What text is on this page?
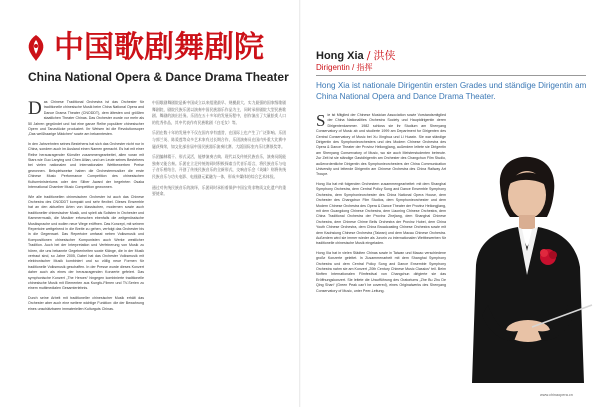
中国歌剧舞剧院
China National Opera & Dance Drama Theater

Das Chinese Traditional Orchestra ist das Orchester für traditionelle chinesische Musik beim China National Opera and Dance Drama Theater (CNODDT), dem ältesten und größten staatlichen Theater Chinas. Das Orchester wurde vor mehr als 50 Jahren gegründet und hat eine ganze Reihe populärer chinesischer Opern und Tanzstücke produziert. Ihr Weisen ist die Revolutionsoper „Das weißhaarige Mädchen“ sowie am bekanntesten.

In den Jahrzehnten seines Bestehens hat sich das Orchester nicht nur in China, sondern auch im Ausland einen Namen gemacht. Es hat mit einer Reihe herausragender Künstler zusammengearbeitet, allen voran mit Stars wie Guo Lanying und Chen Ailian, und um Leute seines Bestehens bei vielen nationalen und internationalen Wettbewerben Preise gewonnen. Beispielsweise haben die Orchestermusiker die erste Chinese Music Performance Competition des chinesischen Kulturministeriums oder den Silber Award der begehrten Osaka International Chamber Music Competition gewonnen.

Wie alle traditionellen chinesischen Orchester ist auch das Chinese Orchestra des CNODDT kompakt und sehr flexibel. Dieses Ensemble hat an den aktuellen Arten von klassischen, modernen sowie auch traditioneller chinesischer Musik, und spielt als Solisten in Orchester und Kammermusik, die Musiker erforschen ebenfalls die zeitgenössische Musiksprache und wollen neue Wege eröffnen. Das Konzept, mit seinem Repertoire weitgehend in die Breite zu gehen, verfolgt das Orchester bis in die Gegenwart. Das Repertoire umfasst neben Volksmusik und Kompositionen chinesischer Komponisten auch Werke westlicher Tradition. Auch bei der Interpretation und Verfeinerung von Musik zu hören, die uns bekannte Gegebenheiten sowie Klänge, die in der Musik vertraut sind, so Jahre 2005, Dabei hat das Orchester Volksmusik mit elektronischer Musik kombiniert und so völlig neue Formen für traditionelle Volksmusik geschaffen. In der Presse wurde dieses Konzert daher auch als eines der herausragenden Konzerte gefeiert. Das symphonische Konzert „The Heroes“ hingegen kombinierte traditionelle chinesische Musik mit Elementen aus Kungfu-Filmen und TV-Serien zu einem multimedialen Gesamterlebnis.

Durch seine Arbeit mit traditioneller chinesischer Musik erhält das Orchester aber auch eine weitere wichtige Funktion: die der Bewahrung eines unschätzbaren immateriellen Kulturguts Chinas.

中国歌剧舞剧院是新中国成立以来组建最早、规模最大、实力最强的国家级歌剧舞剧院，剧院民族乐团以演奏中国民族器乐作品为主，同时承担剧院大型民族歌剧、舞剧的演出任务。乐团在五十多年的发展历程中，创作演出了大量脍炙人口的优秀作品，其中代表作有民族歌剧《白毛女》等。

乐团在数十年的发展中不仅在国内享有盛誉，在国际上也产生了广泛影响。乐团与郭兰英、陈爱莲等众多艺术家有过长期合作，乐团演奏员在国内外重大比赛中屡获殊荣，如文化部首届中国民族器乐演奏比赛、大阪国际室内乐比赛银奖等。

乐团编制精干、形式灵活，能够演奏古典、现代以及传统民族音乐，演奏员既能独奏又能合奏。乐团在立足传统的同时积极探索当代音乐语言，将民族音乐与电子音乐相结合，开创了传统民族音乐的全新形式，交响音乐会《英雄》则将传统民族音乐与功夫电影、电视剧元素融为一体，形成多媒体的综合艺术体验。

通过对传统民族音乐的演绎，乐团同时承担着保护中国宝贵非物质文化遗产的重要使命。

Hong Xia / 洪侠
Dirigentin / 指挥
Hong Xia ist nationale Dirigentin ersten Grades und ständige Dirigentin am China National Opera and Dance Drama Theater.

Sie ist Mitglied der Chinese Musician Association sowie Vorstandsmitglied der China Nationalities Orchestra Society und Hauptdirigentin deren Dirigentenkammer. 1982 schloss sie ihr Studium am Shenyang Conservatory of Music ab und studierte 1999 am Department for Dirigenten des Central Conservatory of Music bei Xu Xinghua und Li Huaxin. Sie war ständige Dirigentin des Symphonieorchesters und des Modern Chinese Orchestra des Opera & Dance Theater der Provinz Heilongjiang, außerdem leitete sie Dirigentin am Shenyang Conservatory of Music, wo sie auch Meisterstudenten betreute. Zur Zeit ist sie ständige Gastdirigentin am Orchester des Changchun Film Studio, außerordentliche Dirigentin des Symphonieorchesters der China Communication University und leitende Dirigentin am Chinese Orchestra des China Railway Art Troupe.

Hong Xia hat mit folgenden Orchestern zusammengearbeitet: mit dem Shanghai Symphony Orchestra, dem Central Policy Song and Dance Ensemble Symphony Orchestra, dem Symphonieorchester des China National Opera House, dem Orchester des Changchun Film Studios, dem Symphonieorchester und dem Modern Chinese Orchestra des Opera & Dance Theater der Provinz Heilongjiang, mit dem Guangdong Chinese Orchestra, dem Liaoning Chinese Orchestra, dem China Traditional Orchestra der Provinz Zhejiang, dem Shanghai Chinese Orchestra, dem Chinese Chime Bells Orchestra der Provinz Hubei, dem China Youth Chinese Orchestra, dem China Broadcasting Chinese Orchestra sowie mit dem Kaohsiung Chinese Orchestra (Taiwan) und dem Macau Chinese Orchestra. Außerdem wird sie immer wieder als Jurorin zu internationalen Wettbewerben für traditionelle chinesische Musik eingeladen.

Hong Xia hat in vielen Städten Chinas sowie in Taiwan und Macao verschiedene große Konzerte geleitet. In Zusammenarbeit mit dem Shanghai Symphony Orchestra und dem Central Policy Song and Dance Ensemble Symphony Orchestra nahm sie am Konzert „20th Century Chinese Music Classics“ teil. Beim fünften Internationalen Filmfestival von Changchun dirigierte sie das Eröffnungskonzert. Sie leitete die Uraufführung des Oratoriums „Zhe Bu Zhu De Qing Shan“ (Green Peak can't be covered), eines Originalwerks des Shenyang Conservatory of Music, unter Peer-Leitung.

www.chinaopera.cn
